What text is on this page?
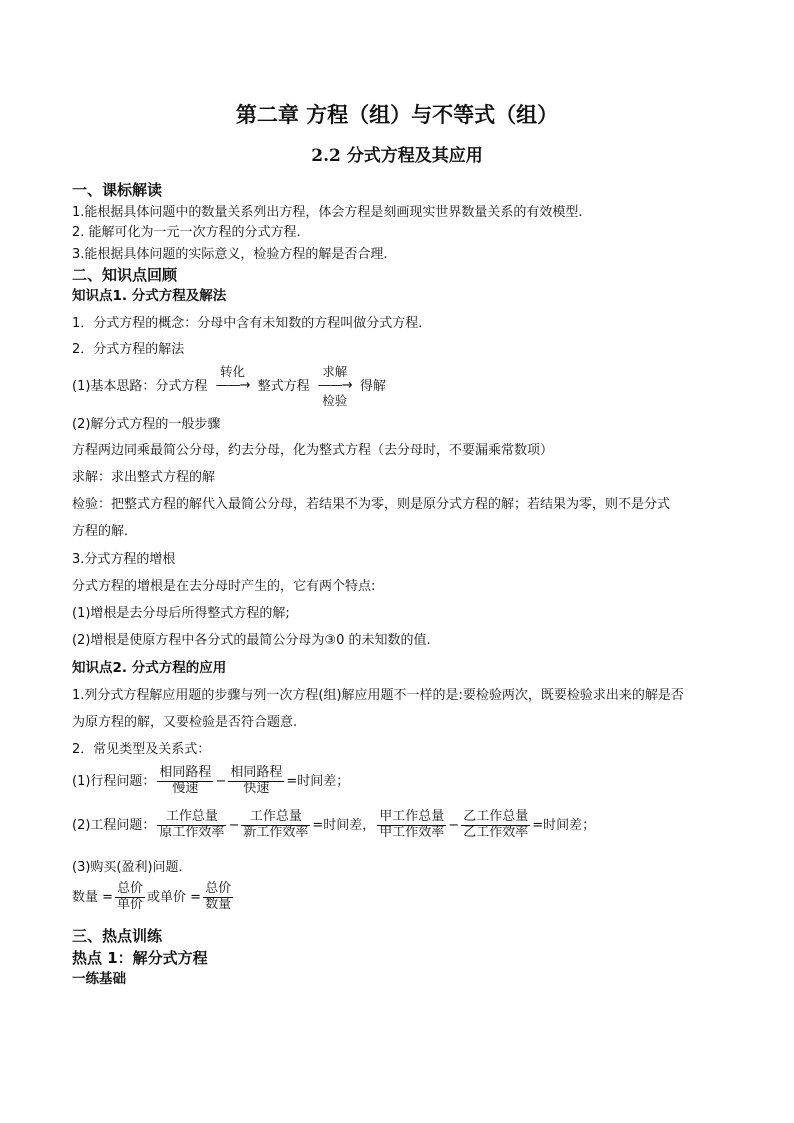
第二章 方程（组）与不等式（组）
2.2 分式方程及其应用
一、课标解读
1.能根据具体问题中的数量关系列出方程，体会方程是刻画现实世界数量关系的有效模型.
2. 能解可化为一元一次方程的分式方程.
3.能根据具体问题的实际意义，检验方程的解是否合理.
二、知识点回顾
知识点1. 分式方程及解法
1．分式方程的概念：分母中含有未知数的方程叫做分式方程．
2．分式方程的解法
(1)基本思路：分式方程
转化
——→ 整式方程
求解
——→
检验
得解
(2)解分式方程的一般步骤
方程两边同乘最简公分母，约去分母，化为整式方程（去分母时，不要漏乘常数项）
求解：求出整式方程的解
检验：把整式方程的解代入最简公分母，若结果不为零，则是原分式方程的解；若结果为零，则不是分式
方程的解．
3.分式方程的增根
分式方程的增根是在去分母时产生的，它有两个特点:
(1)增根是去分母后所得整式方程的解;
(2)增根是使原方程中各分式的最简公分母为③0 的未知数的值.
知识点2. 分式方程的应用
1.列分式方程解应用题的步骤与列一次方程(组)解应用题不一样的是:要检验两次，既要检验求出来的解是否
为原方程的解，又要检验是否符合题意.
2．常见类型及关系式：
(1)行程问题： $\frac{\text{相同路程}}{\text{慢速}} - \frac{\text{相同路程}}{\text{快速}}$ =时间差；
(2)工程问题： $\frac{\text{工作总量}}{\text{原工作效率}} - \frac{\text{工作总量}}{\text{新工作效率}}$ =时间差， $\frac{\text{甲工作总量}}{\text{甲工作效率}} - \frac{\text{乙工作总量}}{\text{乙工作效率}}$ =时间差；
(3)购买(盈利)问题．
数量 = $\frac{\text{总价}}{\text{单价}}$ 或单价 = $\frac{\text{总价}}{\text{数量}}$
三、热点训练
热点 1：解分式方程
一练基础
